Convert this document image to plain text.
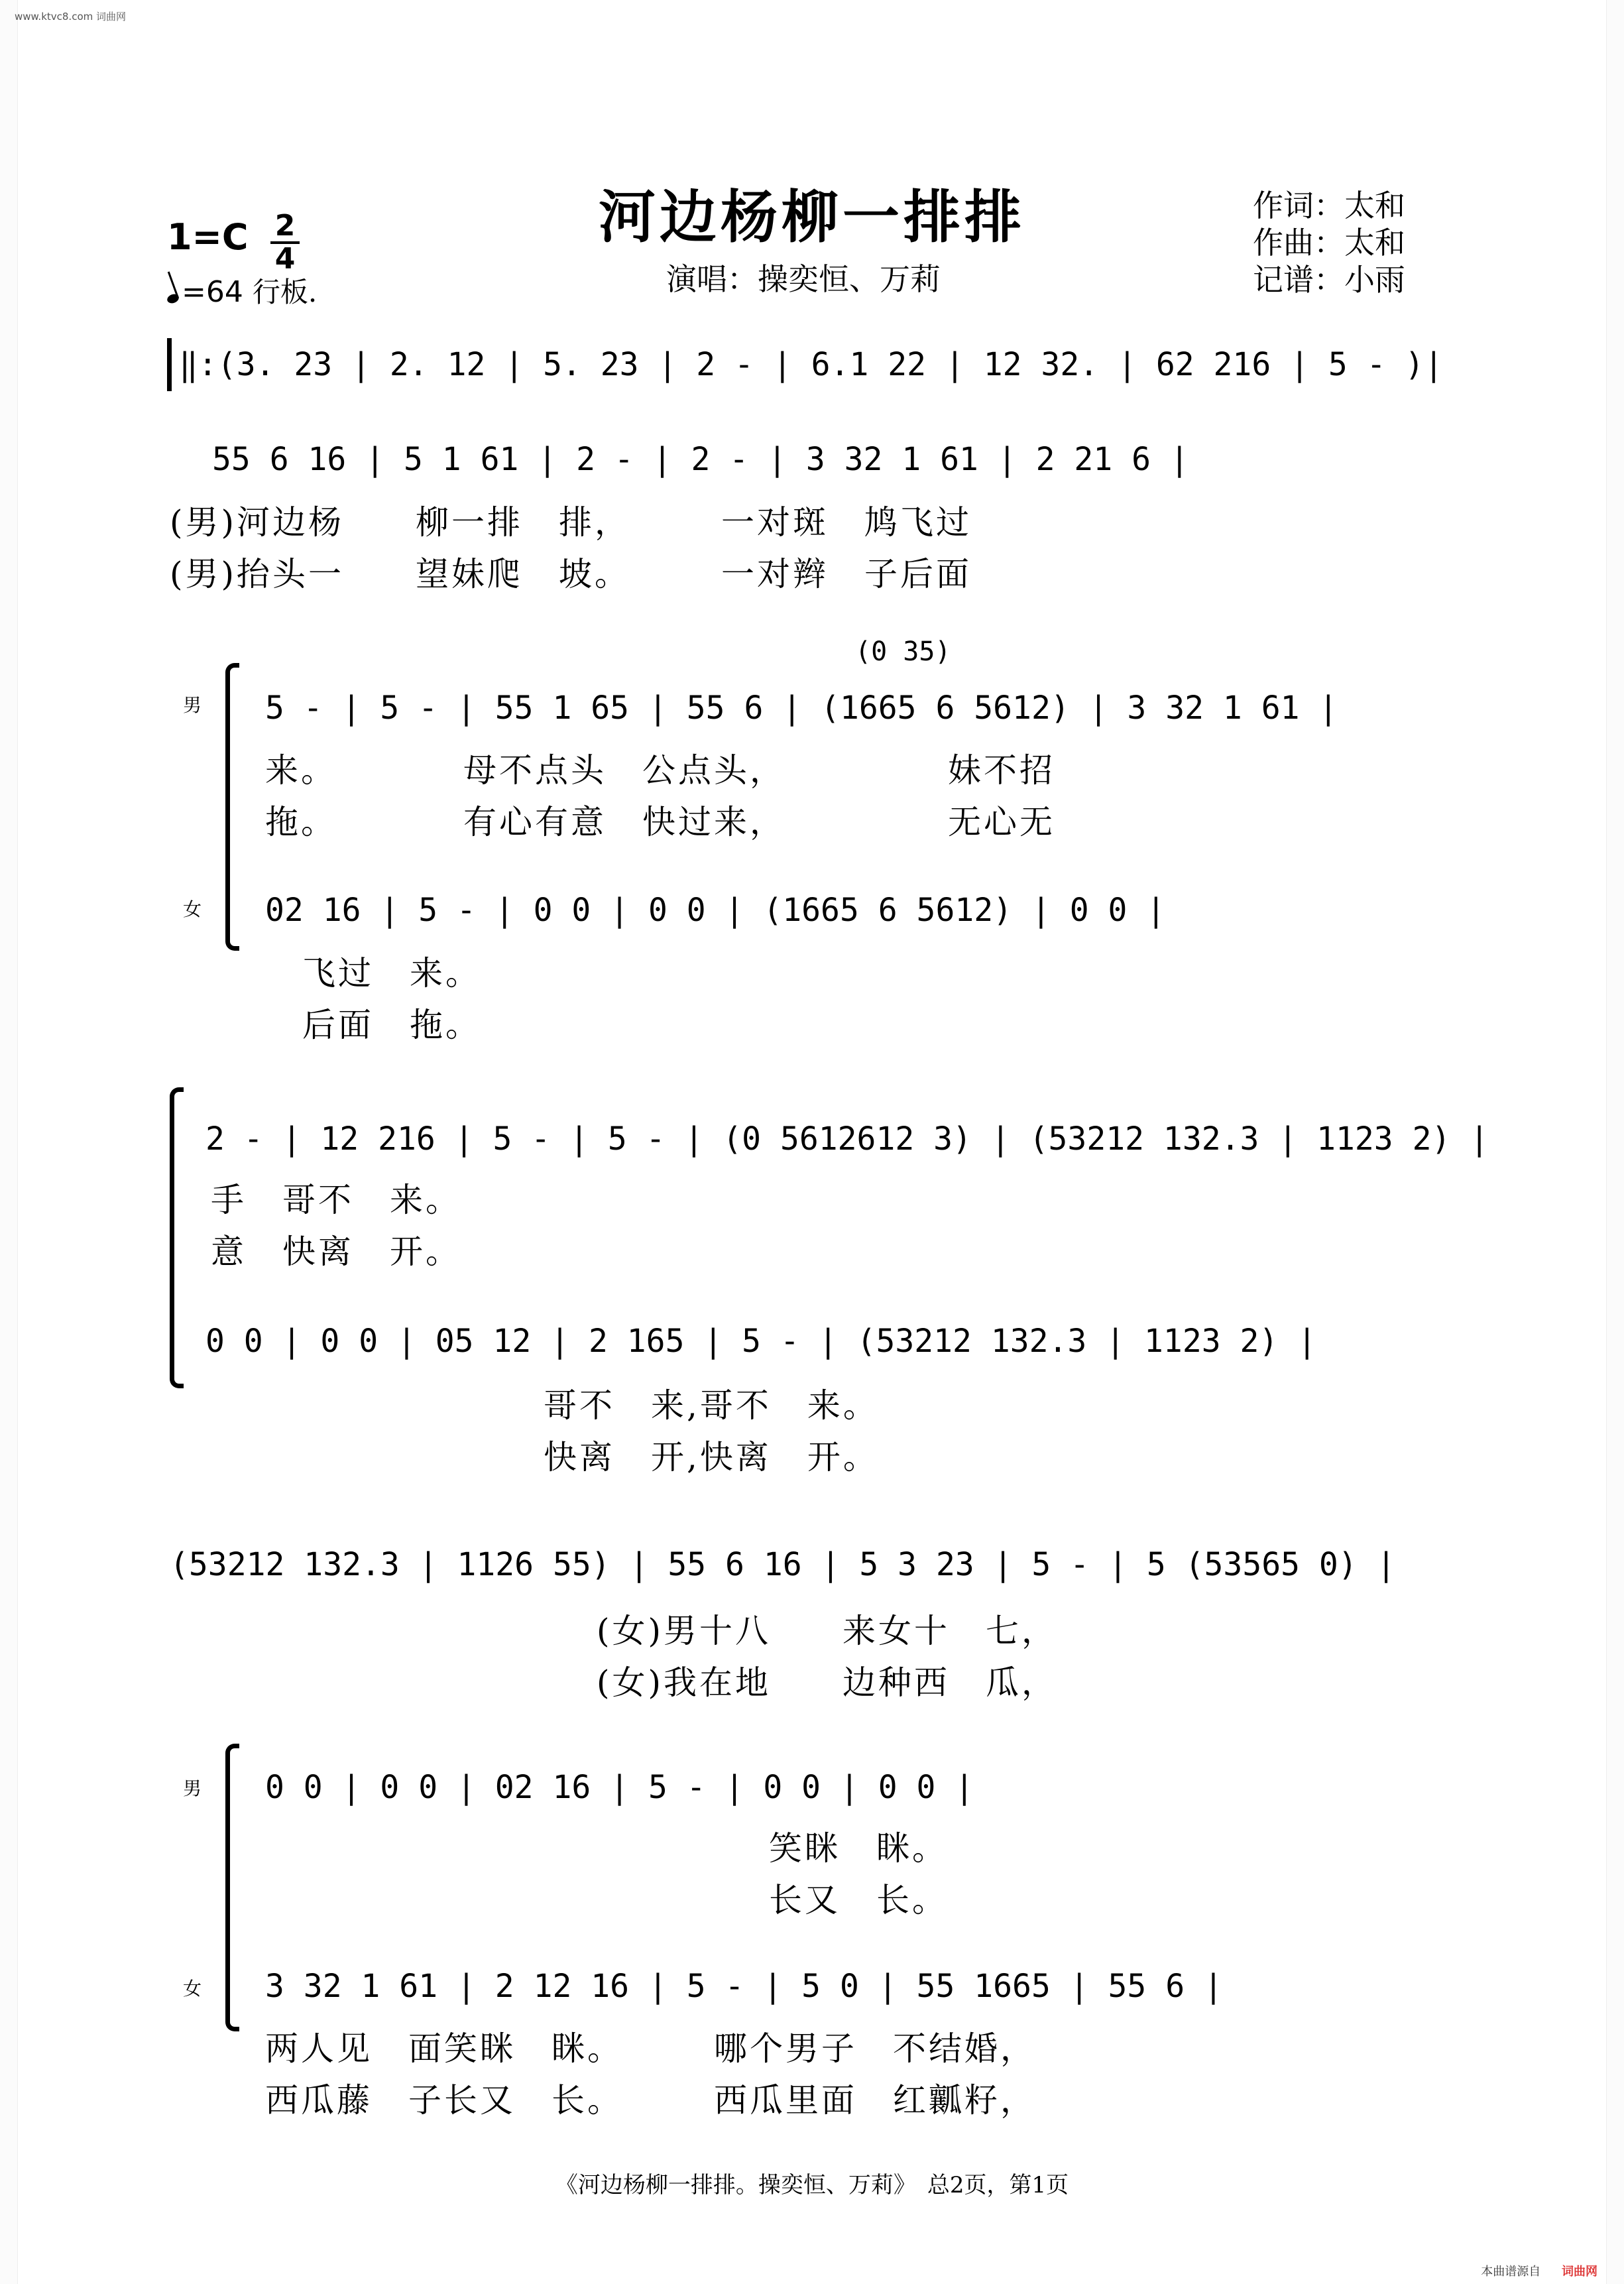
www.ktvc8.com 词曲网
河边杨柳一排排
演唱：操奕恒、万莉
作词：太和
作曲：太和
记谱：小雨
1=C 2
4
=64 行板.
‖:(3. 23 | 2. 12 | 5. 23 | 2 - | 6.1 22 | 12 32. | 62 216 | 5 - )|
55 6 16 | 5 1 61 | 2 - | 2 - | 3 32 1 61 | 2 21 6 |
(男)河边杨　　柳一排　排，　　　一对斑　鸠飞过
(男)抬头一　　望妹爬　坡。　　　一对辫　子后面
男
女
(0 35)
5 - | 5 - | 55 1 65 | 55 6 | (1665 6 5612) | 3 32 1 61 |
来。　　　　母不点头　公点头，　　　　　妹不招
拖。　　　　有心有意　快过来，　　　　　无心无
02 16 | 5 - | 0 0 | 0 0 | (1665 6 5612) | 0 0 |
飞过　来。
后面　拖。
2 - | 12 216 | 5 - | 5 - | (0 5612612 3) | (53212 132.3 | 1123 2) |
手　哥不　来。
意　快离　开。
0 0 | 0 0 | 05 12 | 2 165 | 5 - | (53212 132.3 | 1123 2) |
哥不　来,哥不　来。
快离　开,快离　开。
(53212 132.3 | 1126 55) | 55 6 16 | 5 3 23 | 5 - | 5 (53565 0) |
(女)男十八　　来女十　七，
(女)我在地　　边种西　瓜，
男
女
0 0 | 0 0 | 02 16 | 5 - | 0 0 | 0 0 |
笑眯　眯。
长又　长。
3 32 1 61 | 2 12 16 | 5 - | 5 0 | 55 1665 | 55 6 |
两人见　面笑眯　眯。　　　哪个男子　不结婚，
西瓜藤　子长又　长。　　　西瓜里面　红瓤籽，
《河边杨柳一排排。操奕恒、万莉》　总2页，第1页
本曲谱源自 词曲网
